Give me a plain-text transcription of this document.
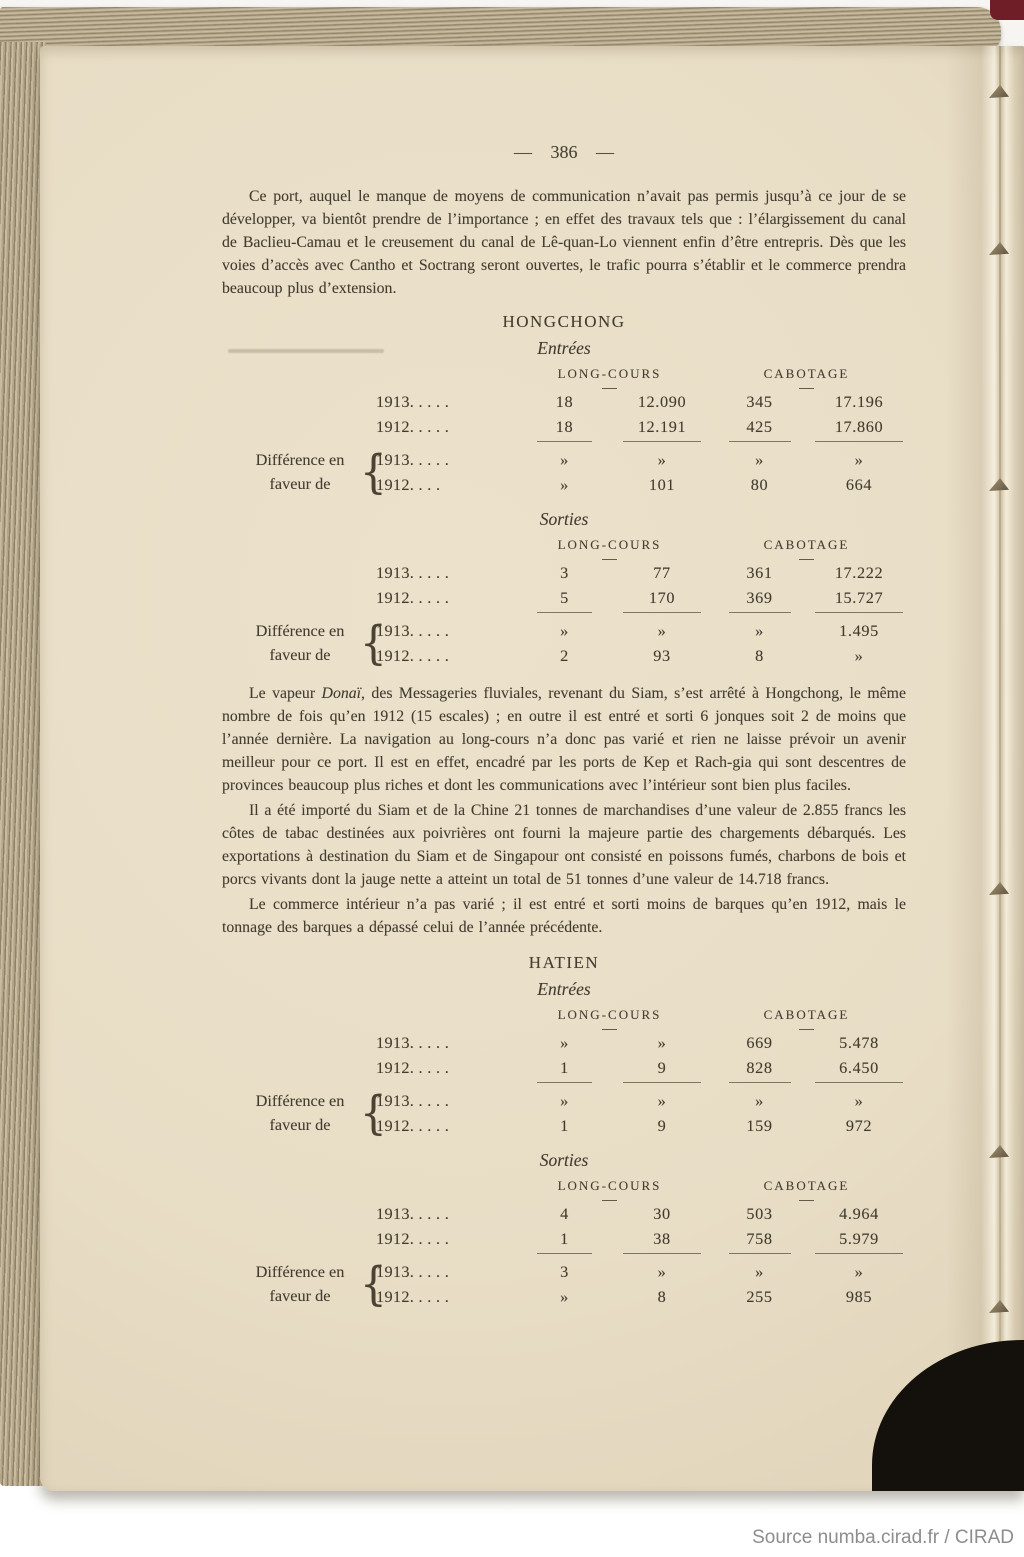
— 386 —

Ce port, auquel le manque de moyens de communication n’avait pas permis jusqu’à ce jour de se développer, va bientôt prendre de l’importance ; en effet des travaux tels que : l’élargissement du canal de Baclieu-Camau et le creusement du canal de Lê-quan-Lo viennent enfin d’être entrepris. Dès que les voies d’accès avec Cantho et Soctrang seront ouvertes, le trafic pourra s’établir et le commerce prendra beaucoup plus d’extension.

HONGCHONG
Entrées
LONG-COURS	CABOTAGE
1913. . . . .	18	12.090	345	17.196
1912. . . . .	18	12.191	425	17.860
Différence en
faveur de {
1913. . . . .	»	»	»	»
1912. . . .	»	101	80	664
Sorties
LONG-COURS	CABOTAGE
1913. . . . .	3	77	361	17.222
1912. . . . .	5	170	369	15.727
Différence en
faveur de {
1913. . . . .	»	»	»	1.495
1912. . . . .	2	93	8	»

Le vapeur Donaï, des Messageries fluviales, revenant du Siam, s’est arrêté à Hongchong, le même nombre de fois qu’en 1912 (15 escales) ; en outre il est entré et sorti 6 jonques soit 2 de moins que l’année dernière. La navigation au long-cours n’a donc pas varié et rien ne laisse prévoir un avenir meilleur pour ce port. Il est en effet, encadré par les ports de Kep et Rach-gia qui sont descentres de provinces beaucoup plus riches et dont les communications avec l’intérieur sont bien plus faciles.

Il a été importé du Siam et de la Chine 21 tonnes de marchandises d’une valeur de 2.855 francs les côtes de tabac destinées aux poivrières ont fourni la majeure partie des chargements débarqués. Les exportations à destination du Siam et de Singapour ont consisté en poissons fumés, charbons de bois et porcs vivants dont la jauge nette a atteint un total de 51 tonnes d’une valeur de 14.718 francs.

Le commerce intérieur n’a pas varié ; il est entré et sorti moins de barques qu’en 1912, mais le tonnage des barques a dépassé celui de l’année précédente.

HATIEN
Entrées
LONG-COURS	CABOTAGE
1913. . . . .	»	»	669	5.478
1912. . . . .	1	9	828	6.450
Différence en
faveur de {
1913. . . . .	»	»	»	»
1912. . . . .	1	9	159	972
Sorties
LONG-COURS	CABOTAGE
1913. . . . .	4	30	503	4.964
1912. . . . .	1	38	758	5.979
Différence en
faveur de {
1913. . . . .	3	»	»	»
1912. . . . .	»	8	255	985
Source numba.cirad.fr / CIRAD
